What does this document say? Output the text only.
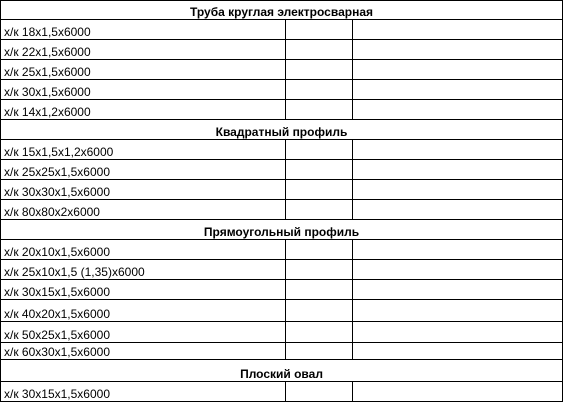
Труба круглая электросварная		
х/к 18х1,5х6000		
х/к 22х1,5х6000		
х/к 25х1,5х6000		
х/к 30х1,5х6000		
х/к 14х1,2х6000		
Квадратный профиль		
х/к 15х1,5х1,2х6000		
х/к 25х25х1,5х6000		
х/к 30х30х1,5х6000		
х/к 80х80х2х6000		
Прямоугольный профиль		
х/к 20х10х1,5х6000		
х/к 25х10х1,5 (1,35)х6000		
х/к 30х15х1,5х6000		
х/к 40х20х1,5х6000		
х/к 50х25х1,5х6000		
х/к 60х30х1,5х6000		
Плоский овал		
х/к 30х15х1,5х6000		
